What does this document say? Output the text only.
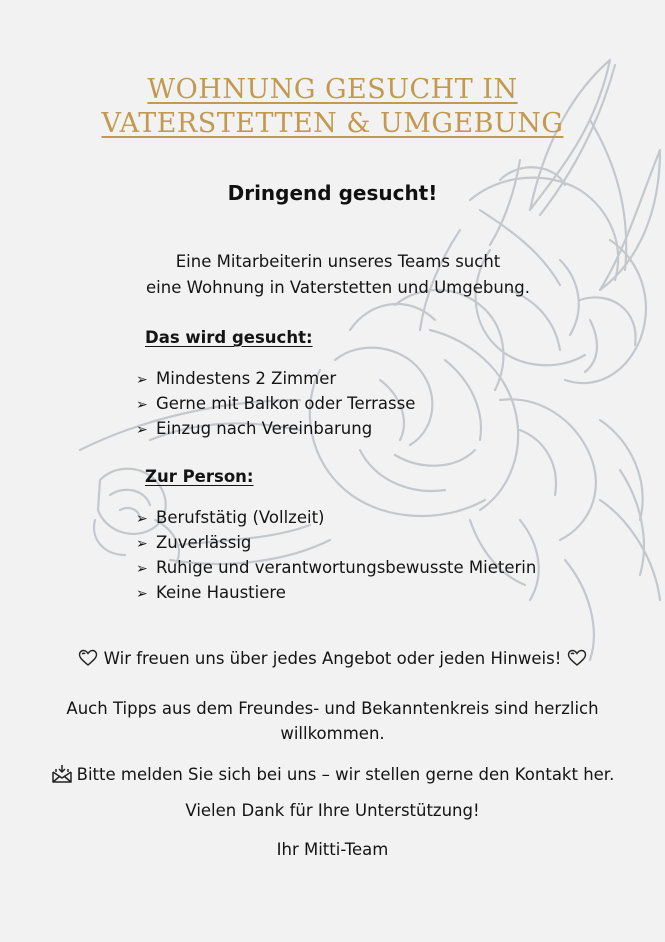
WOHNUNG GESUCHT IN
VATERSTETTEN & UMGEBUNG
Dringend gesucht!

Eine Mitarbeiterin unseres Teams sucht

eine Wohnung in Vaterstetten und Umgebung.

Das wird gesucht:
➢ Mindestens 2 Zimmer
➢ Gerne mit Balkon oder Terrasse
➢ Einzug nach Vereinbarung
Zur Person:
➢ Berufstätig (Vollzeit)
➢ Zuverlässig
➢ Ruhige und verantwortungsbewusste Mieterin
➢ Keine Haustiere

Wir freuen uns über jedes Angebot oder jeden Hinweis!

Auch Tipps aus dem Freundes- und Bekanntenkreis sind herzlich

willkommen.

Bitte melden Sie sich bei uns – wir stellen gerne den Kontakt her.

Vielen Dank für Ihre Unterstützung!

Ihr Mitti-Team
